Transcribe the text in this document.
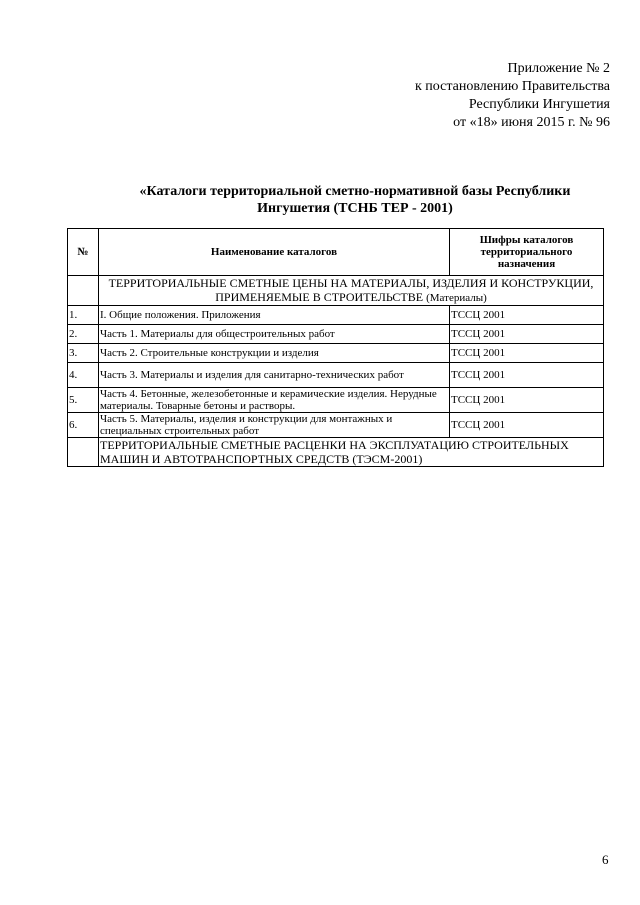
Приложение № 2
к постановлению Правительства
Республики Ингушетия
от «18» июня 2015 г. № 96
«Каталоги территориальной сметно-нормативной базы Республики
Ингушетия (ТСНБ ТЕР - 2001)
№	Наименование каталогов	Шифры каталогов территориального назначения
	ТЕРРИТОРИАЛЬНЫЕ СМЕТНЫЕ ЦЕНЫ НА МАТЕРИАЛЫ, ИЗДЕЛИЯ И КОНСТРУКЦИИ, ПРИМЕНЯЕМЫЕ В СТРОИТЕЛЬСТВЕ (Материалы)	
1.	I. Общие положения. Приложения	ТССЦ 2001
2.	Часть 1. Материалы для общестроительных работ	ТССЦ 2001
3.	Часть 2. Строительные конструкции и изделия	ТССЦ 2001
4.	Часть 3. Материалы и изделия для санитарно-технических работ	ТССЦ 2001
5.	Часть 4. Бетонные, железобетонные и керамические изделия. Нерудные материалы. Товарные бетоны и растворы.	ТССЦ 2001
6.	Часть 5. Материалы, изделия и конструкции для монтажных и специальных строительных работ	ТССЦ 2001
	ТЕРРИТОРИАЛЬНЫЕ СМЕТНЫЕ РАСЦЕНКИ НА ЭКСПЛУАТАЦИЮ СТРОИТЕЛЬНЫХ МАШИН И АВТОТРАНСПОРТНЫХ СРЕДСТВ (ТЭСМ-2001)	
6
